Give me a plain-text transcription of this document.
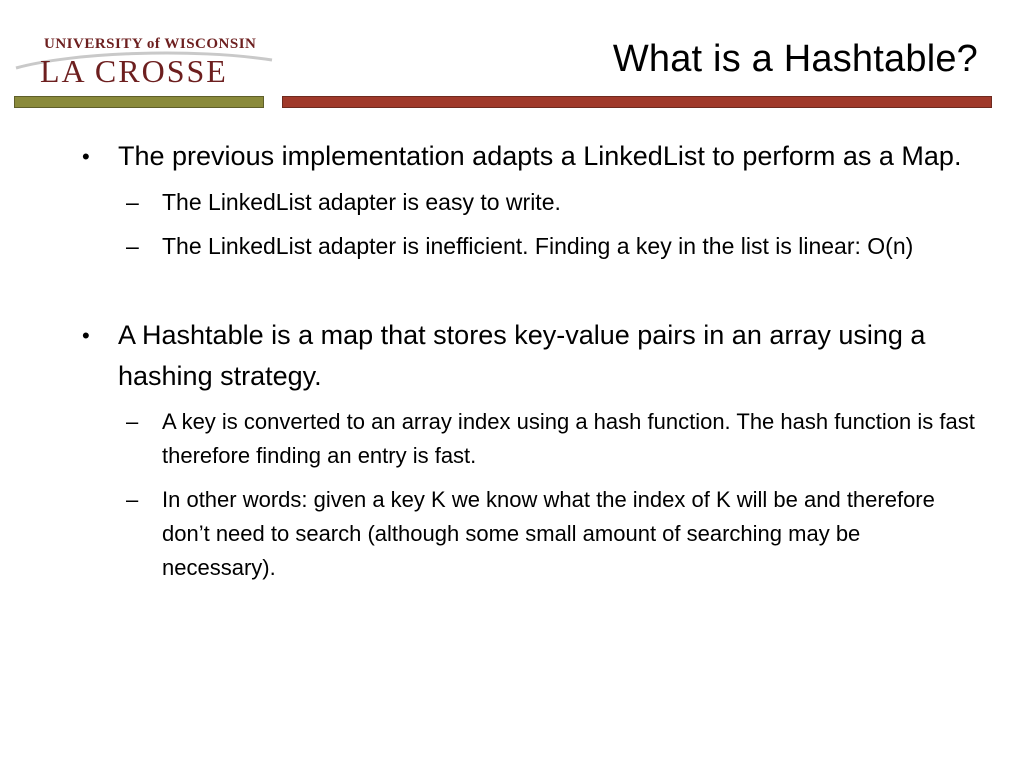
UNIVERSITY of WISCONSIN
LA CROSSE	What is a Hashtable?
• The previous implementation adapts a LinkedList to perform as a Map.
– The LinkedList adapter is easy to write.
– The LinkedList adapter is inefficient. Finding a key in the list is linear: O(n)
• A Hashtable is a map that stores key-value pairs in an array using a hashing strategy.
– A key is converted to an array index using a hash function. The hash function is fast therefore finding an entry is fast.
– In other words: given a key K we know what the index of K will be and therefore don’t need to search (although some small amount of searching may be necessary).
